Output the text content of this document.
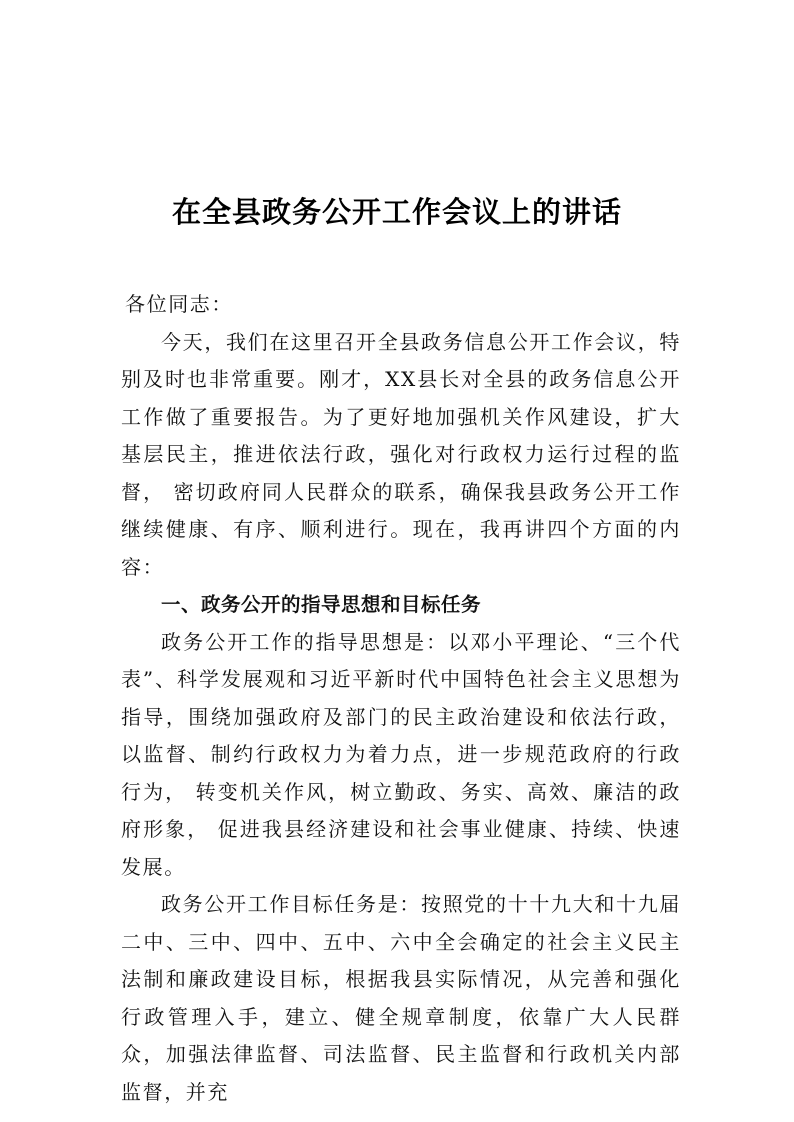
在全县政务公开工作会议上的讲话

各位同志：

今天，我们在这里召开全县政务信息公开工作会议，特别及时也非常重要。刚才，XX县长对全县的政务信息公开工作做了重要报告。为了更好地加强机关作风建设，扩大基层民主，推进依法行政，强化对行政权力运行过程的监督， 密切政府同人民群众的联系，确保我县政务公开工作继续健康、有序、顺利进行。现在，我再讲四个方面的内容：

一、政务公开的指导思想和目标任务

政务公开工作的指导思想是：以邓小平理论、“三个代表”、科学发展观和习近平新时代中国特色社会主义思想为指导，围绕加强政府及部门的民主政治建设和依法行政，以监督、制约行政权力为着力点，进一步规范政府的行政行为， 转变机关作风，树立勤政、务实、高效、廉洁的政府形象， 促进我县经济建设和社会事业健康、持续、快速发展。

政务公开工作目标任务是：按照党的十十九大和十九届二中、三中、四中、五中、六中全会确定的社会主义民主法制和廉政建设目标，根据我县实际情况，从完善和强化行政管理入手，建立、健全规章制度，依靠广大人民群众，加强法律监督、司法监督、民主监督和行政机关内部监督，并充
